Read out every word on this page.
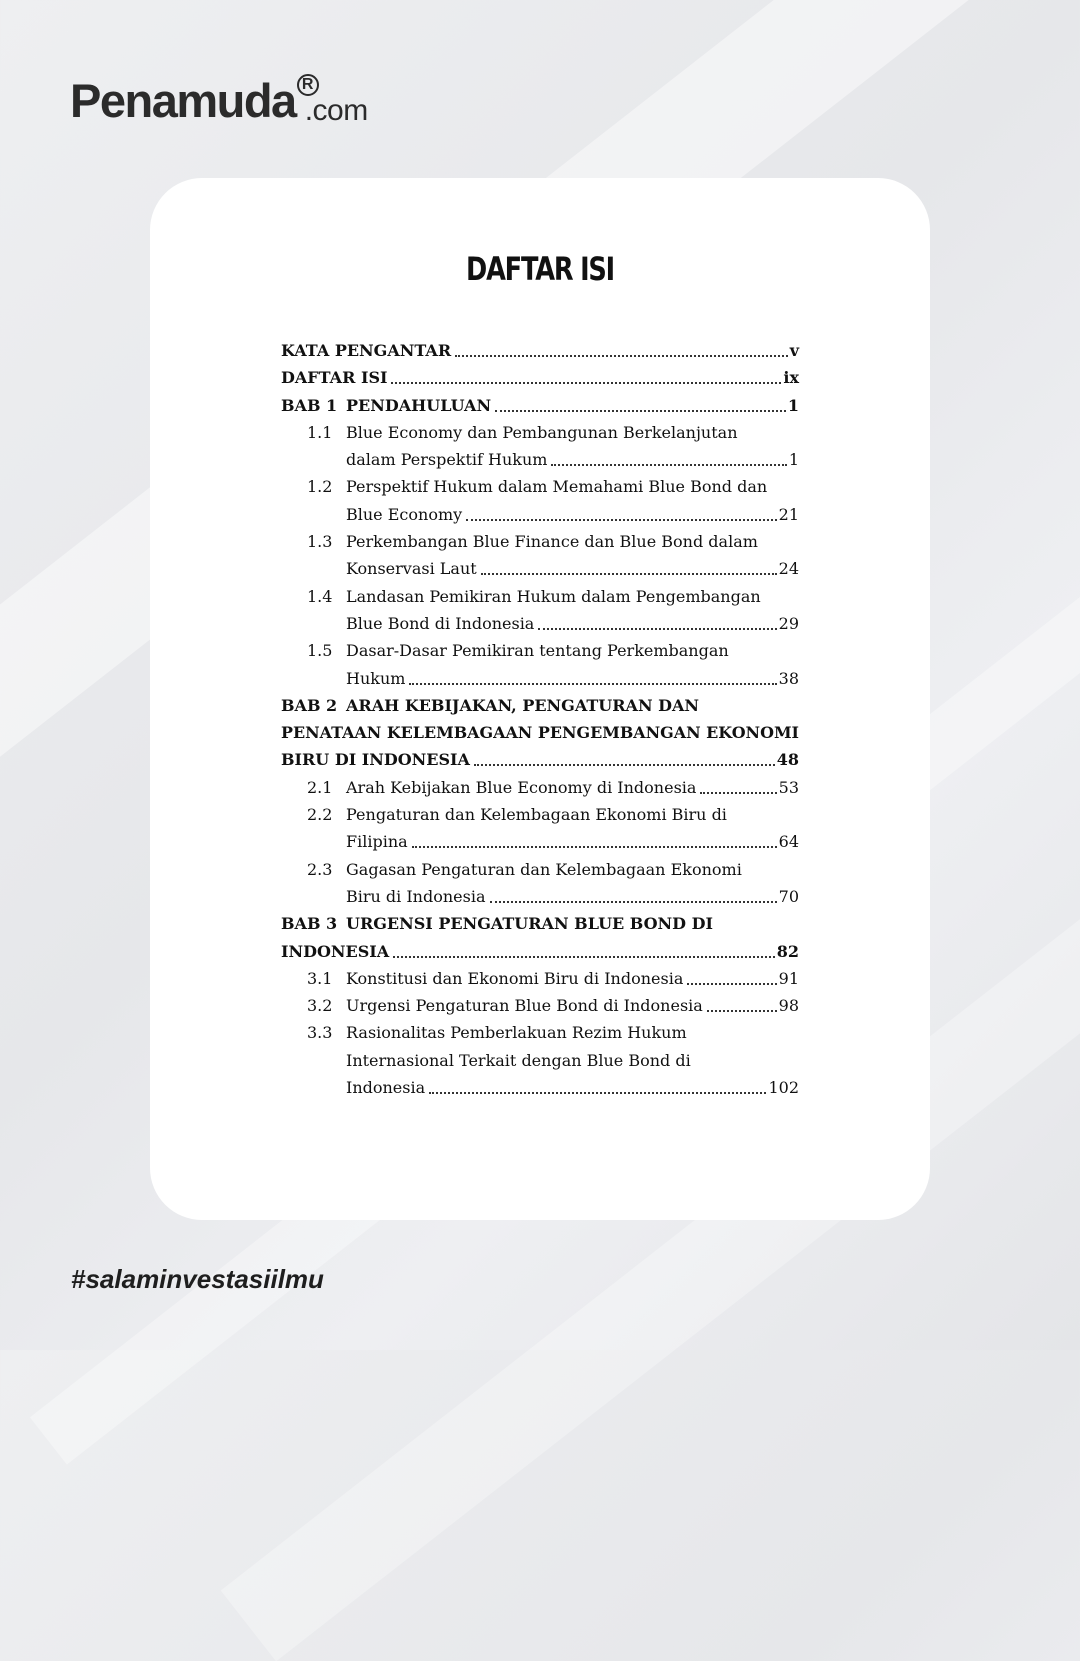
Penamuda R
.com
DAFTAR ISI
KATA PENGANTAR	v
DAFTAR ISI	ix
BAB 1 PENDAHULUAN	1
1.1 Blue Economy dan Pembangunan Berkelanjutan
dalam Perspektif Hukum	1
1.2 Perspektif Hukum dalam Memahami Blue Bond dan
Blue Economy	21
1.3 Perkembangan Blue Finance dan Blue Bond dalam
Konservasi Laut	24
1.4 Landasan Pemikiran Hukum dalam Pengembangan
Blue Bond di Indonesia	29
1.5 Dasar-Dasar Pemikiran tentang Perkembangan
Hukum	38
BAB 2 ARAH KEBIJAKAN, PENGATURAN DAN
PENATAAN KELEMBAGAAN PENGEMBANGAN EKONOMI
BIRU DI INDONESIA	48
2.1 Arah Kebijakan Blue Economy di Indonesia	53
2.2 Pengaturan dan Kelembagaan Ekonomi Biru di
Filipina	64
2.3 Gagasan Pengaturan dan Kelembagaan Ekonomi
Biru di Indonesia	70
BAB 3 URGENSI PENGATURAN BLUE BOND DI
INDONESIA	82
3.1 Konstitusi dan Ekonomi Biru di Indonesia	91
3.2 Urgensi Pengaturan Blue Bond di Indonesia	98
3.3 Rasionalitas Pemberlakuan Rezim Hukum
Internasional Terkait dengan Blue Bond di
Indonesia	102
#salaminvestasiilmu
